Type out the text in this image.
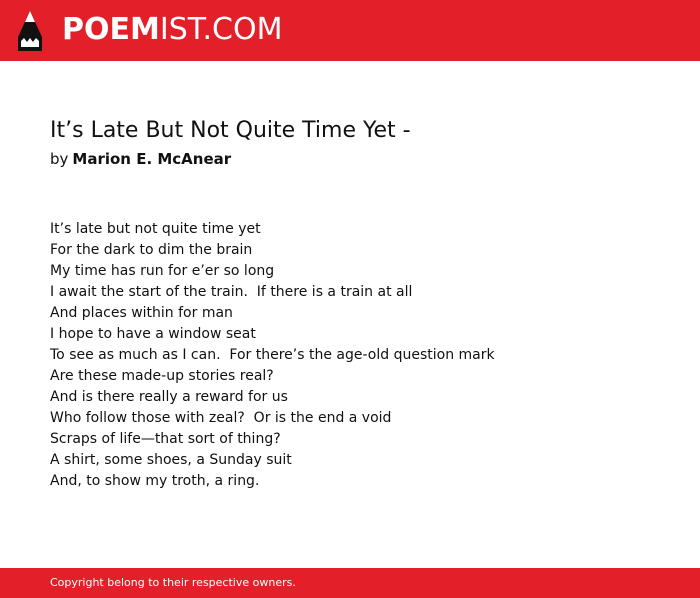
POEMIST.COM
It’s Late But Not Quite Time Yet -
by Marion E. McAnear
It’s late but not quite time yet
For the dark to dim the brain
My time has run for e’er so long
I await the start of the train.  If there is a train at all
And places within for man
I hope to have a window seat
To see as much as I can.  For there’s the age-old question mark
Are these made-up stories real?
And is there really a reward for us
Who follow those with zeal?  Or is the end a void
Scraps of life—that sort of thing?
A shirt, some shoes, a Sunday suit
And, to show my troth, a ring.
Copyright belong to their respective owners.
